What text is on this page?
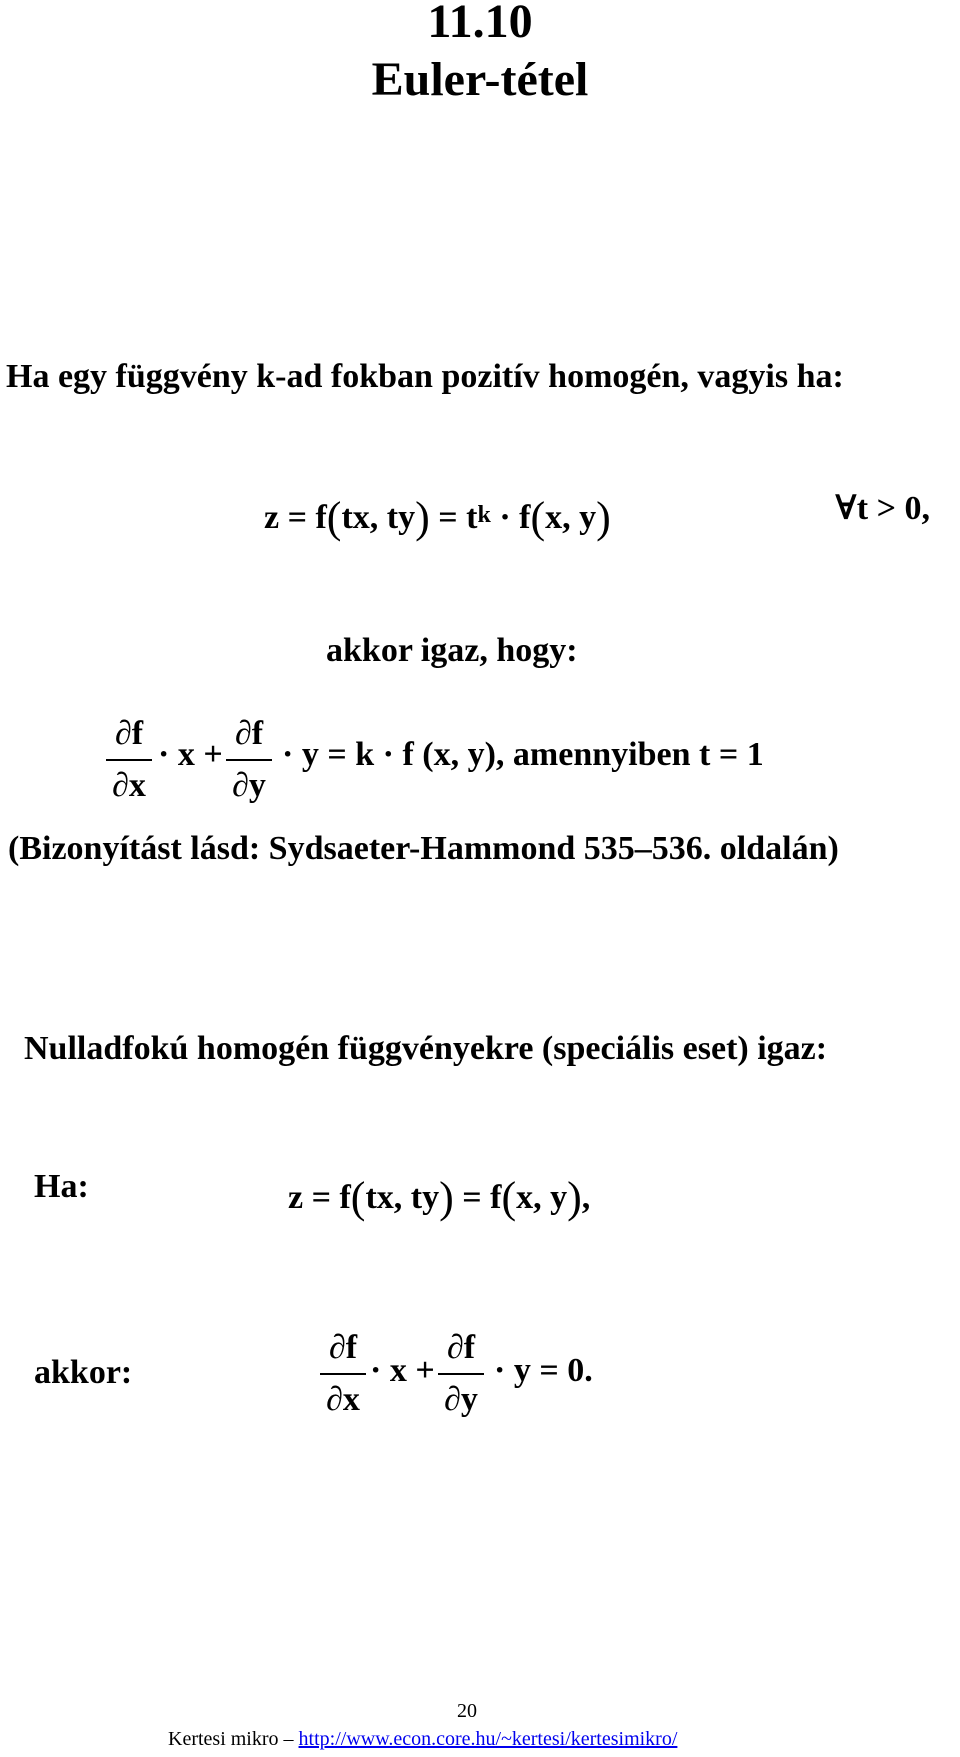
11.10
Euler-tétel
Ha egy függvény k-ad fokban pozitív homogén, vagyis ha:
z = f(tx, $ty) = t^k \cdot f(x$, y)	∀t > 0,
akkor igaz, hogy:
∂f
∂x
· x +
∂f
∂y
· y = k · f (x, y), amennyiben t = 1
(Bizonyítást lásd: Sydsaeter-Hammond 535–536. oldalán)
Nulladfokú homogén függvényekre (speciális eset) igaz:
Ha:	z = f(tx, ty) = f(x, y),
akkor:
∂f
∂x
· x +
∂f
∂y
· y = 0.
20
Kertesi mikro – http://www.econ.core.hu/~kertesi/kertesimikro/
